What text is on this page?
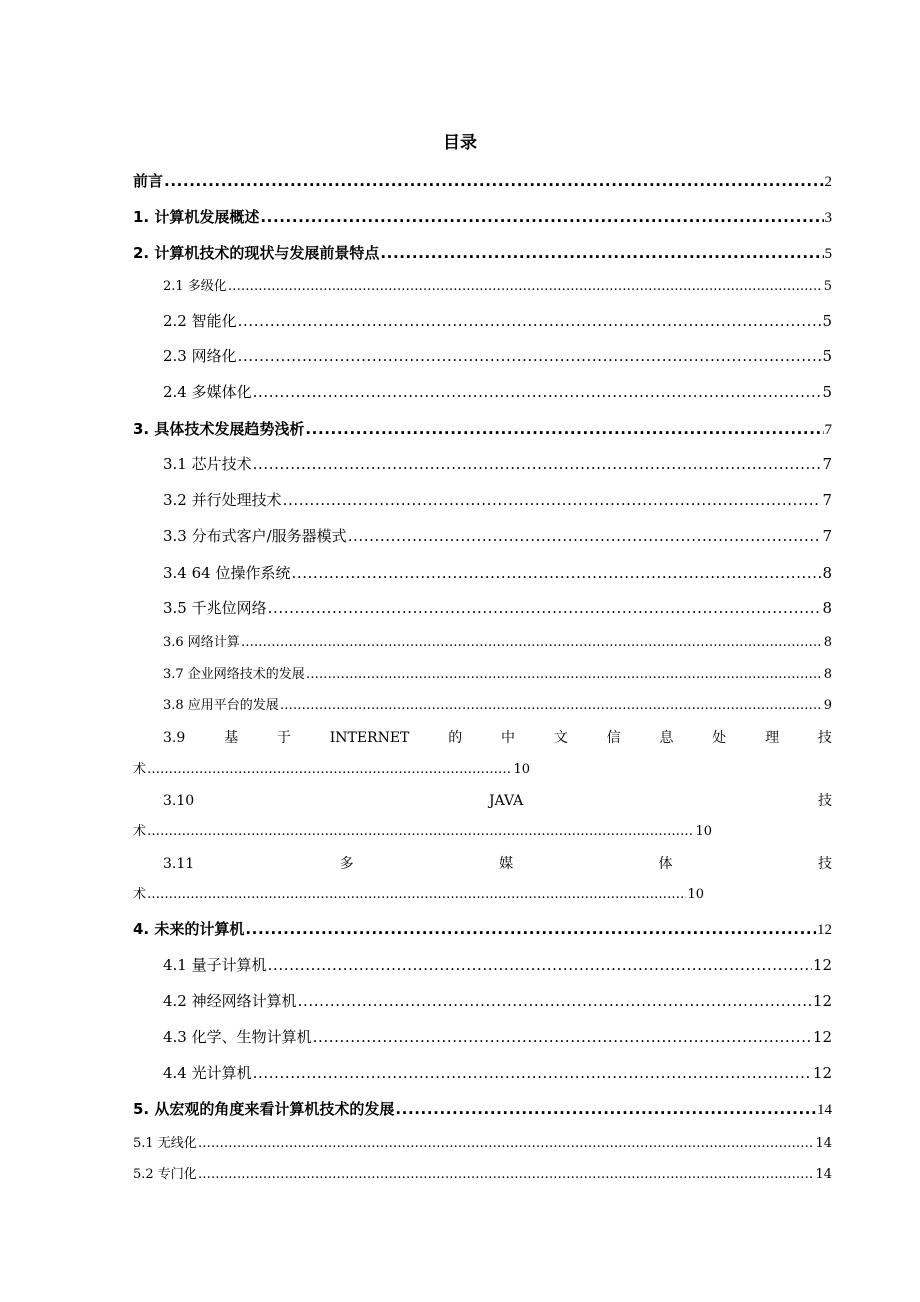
目录
前言 .....	2
1. 计算机发展概述 .....	3
2. 计算机技术的现状与发展前景特点 .....	5
2.1 多级化 ……………………………………………………………………………………………………………………………………………………………………………………………………………………………………………………………………………	5
2.2 智能化 .....	5
2.3 网络化 .....	5
2.4 多媒体化 .....	5
3. 具体技术发展趋势浅析 .....	7
3.1 芯片技术 .....	7
3.2 并行处理技术 .....	7
3.3 分布式客户/服务器模式 .....	7
3.4 64 位操作系统 .....	8
3.5 千兆位网络 .....	8
3.6 网络计算 ……………………………………………………………………………………………………………………………………………………………………………………………………………………………………………………………………………	8
3.7 企业网络技术的发展 ……………………………………………………………………………………………………………………………………………………………………………………………………………………………………………………………………………	8
3.8 应用平台的发展 ……………………………………………………………………………………………………………………………………………………………………………………………………………………………………………………………………………	9
3.9	基	于	INTERNET	的	中	文	信	息	处	理	技
术 ……………………………………………………………………………………………………………………………………………………………………………………………………………………………………………………………………………	10
3.10	JAVA	技
术 ……………………………………………………………………………………………………………………………………………………………………………………………………………………………………………………………………………	10
3.11	多	媒	体	技
术 ……………………………………………………………………………………………………………………………………………………………………………………………………………………………………………………………………………	10
4. 未来的计算机 .....	12
4.1 量子计算机 .....	12
4.2 神经网络计算机 .....	12
4.3 化学、生物计算机 .....	12
4.4 光计算机 .....	12
5. 从宏观的角度来看计算机技术的发展 .....	14
5.1 无线化 ……………………………………………………………………………………………………………………………………………………………………………………………………………………………………………………………………………	14
5.2 专门化 ……………………………………………………………………………………………………………………………………………………………………………………………………………………………………………………………………………	14
